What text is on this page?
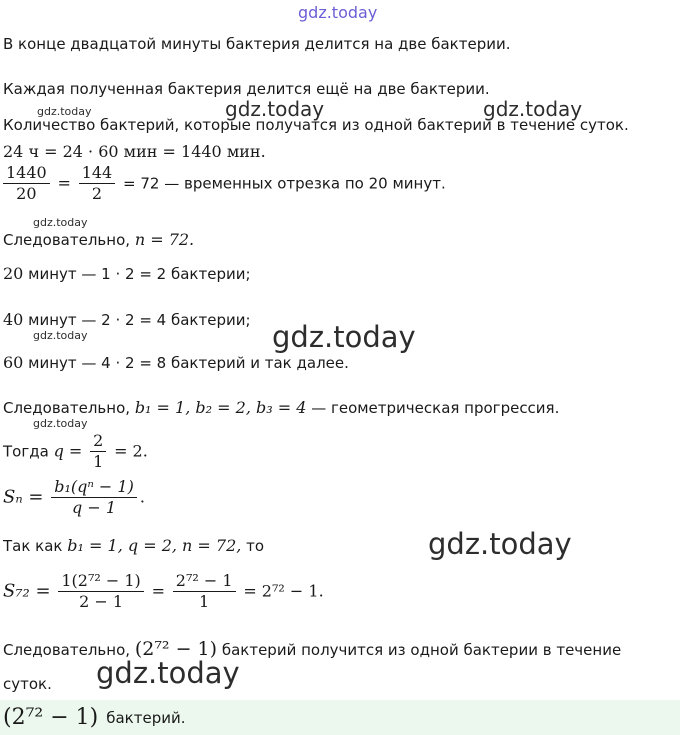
gdz.today
gdz.today	gdz.today	gdz.today
gdz.today
gdz.today
gdz.today
gdz.today
gdz.today
gdz.today
В конце двадцатой минуты бактерия делится на две бактерии.
Каждая полученная бактерия делится ещё на две бактерии.
Количество бактерий, которые получатся из одной бактерии в течение суток.
24 ч = 24 · 60 мин = 1440 мин.
$\frac{1440}{20} = \frac{144}{2} = 72$ — временных отрезка по 20 минут.
Следовательно, n = 72.
20 минут — 1 · 2 = 2 бактерии;
40 минут — 2 · 2 = 4 бактерии;
60 минут — 4 · 2 = 8 бактерий и так далее.
Следовательно, b₁ = 1, b₂ = 2, b₃ = 4 — геометрическая прогрессия.
Тогда $q = \frac{2}{1} = 2$.
$S_n = \frac{\text{b₁(qⁿ − 1)}}{q - 1}$ .
Так как b₁ = 1, q = 2, n = 72, то
$S_{72} = \frac{\text{1(2⁷² − 1)}}{2 - 1} = \frac{\text{2⁷² − 1}}{1} = 2^{72} - 1$.
Следовательно, (2⁷² − 1) бактерий получится из одной бактерии в течение
суток.
(2⁷² − 1) бактерий.
